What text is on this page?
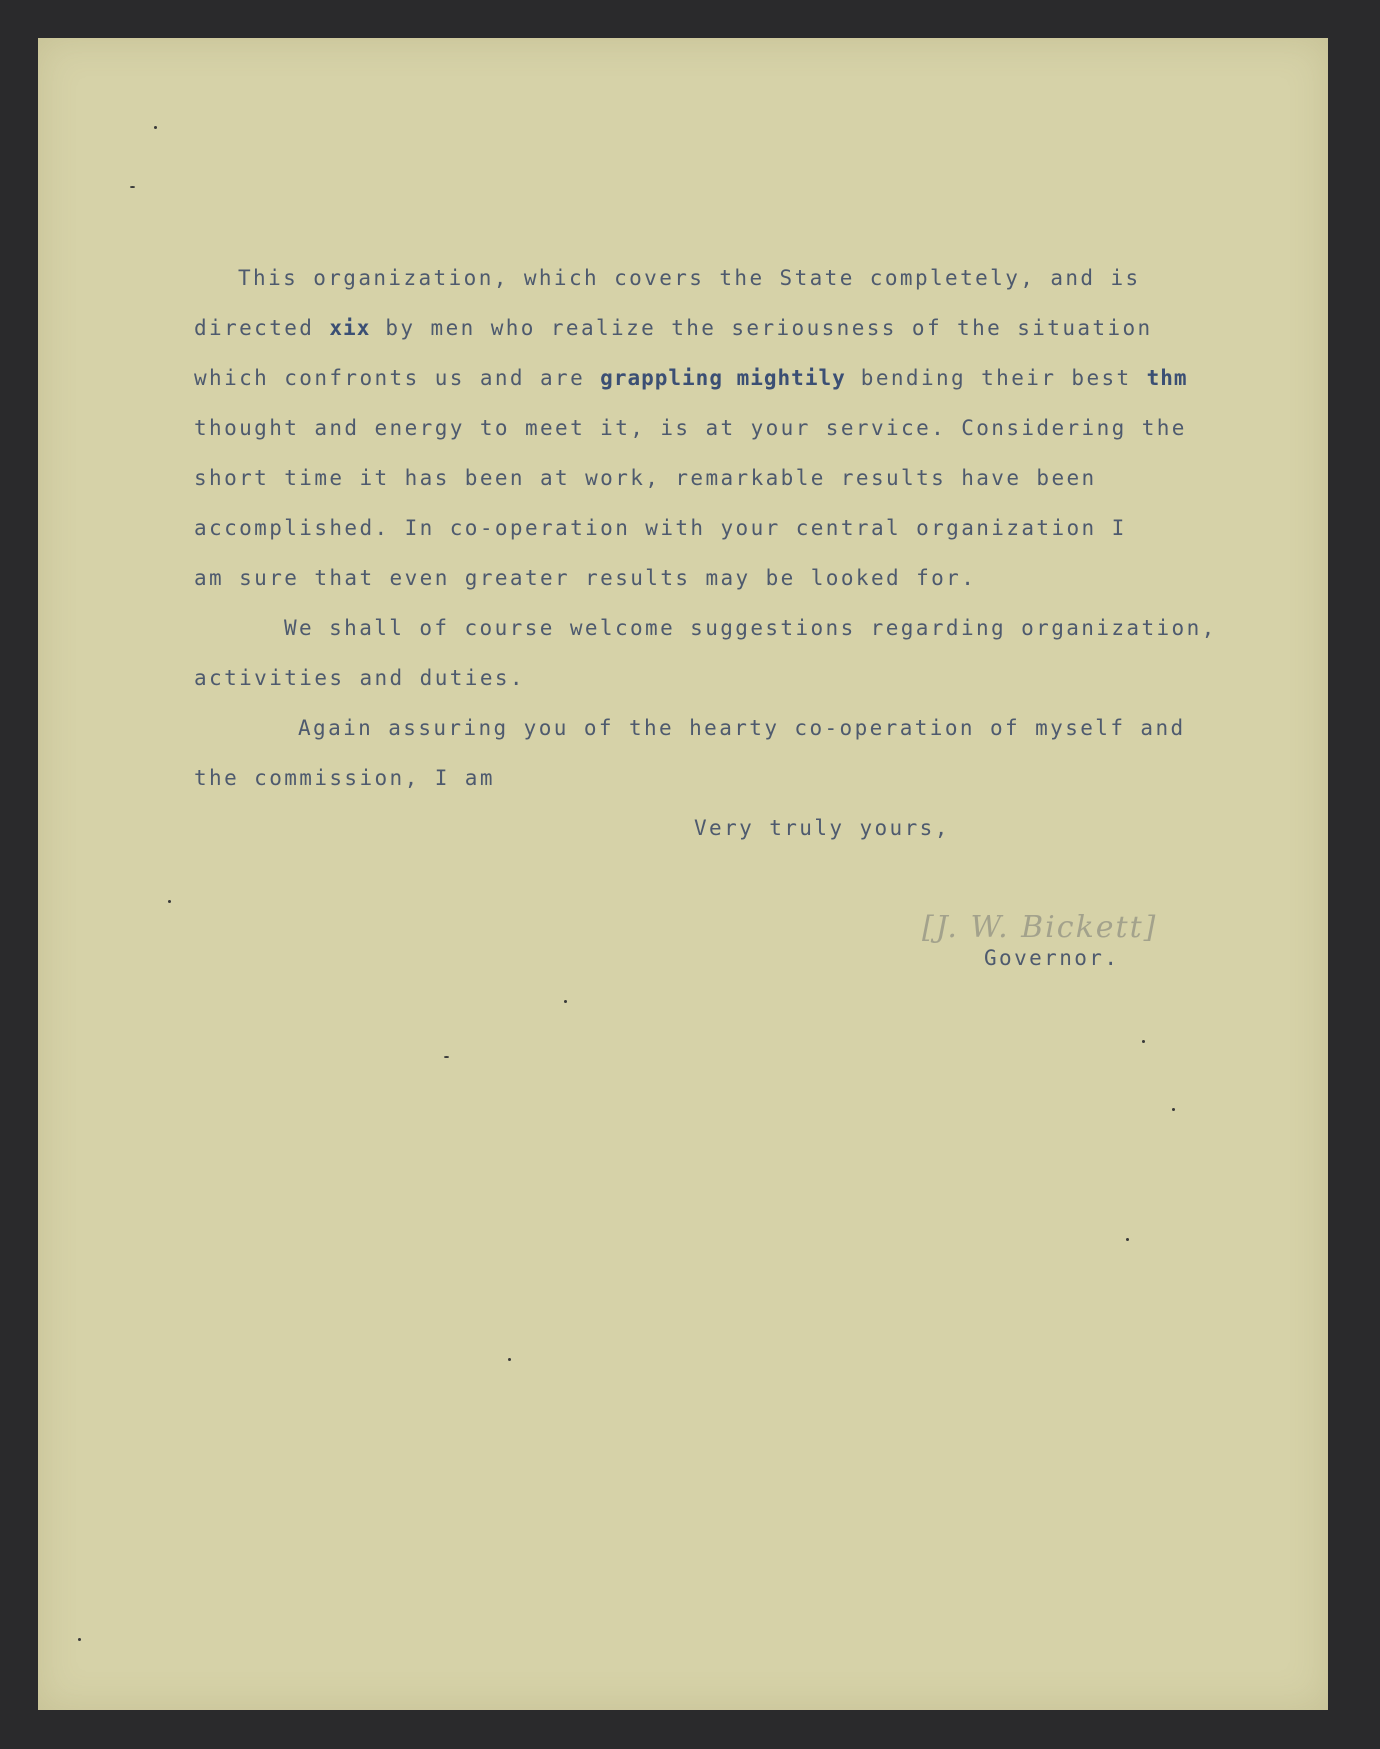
This organization, which covers the State completely, and is
directed xix by men who realize the seriousness of the situation
which confronts us and are grappling mightily bending their best thm
thought and energy to meet it, is at your service. Considering the
short time it has been at work, remarkable results have been
accomplished. In co-operation with your central organization I
am sure that even greater results may be looked for.
We shall of course welcome suggestions regarding organization,
activities and duties.
Again assuring you of the hearty co-operation of myself and
the commission, I am
Very truly yours,
[J. W. Bickett]
Governor.
